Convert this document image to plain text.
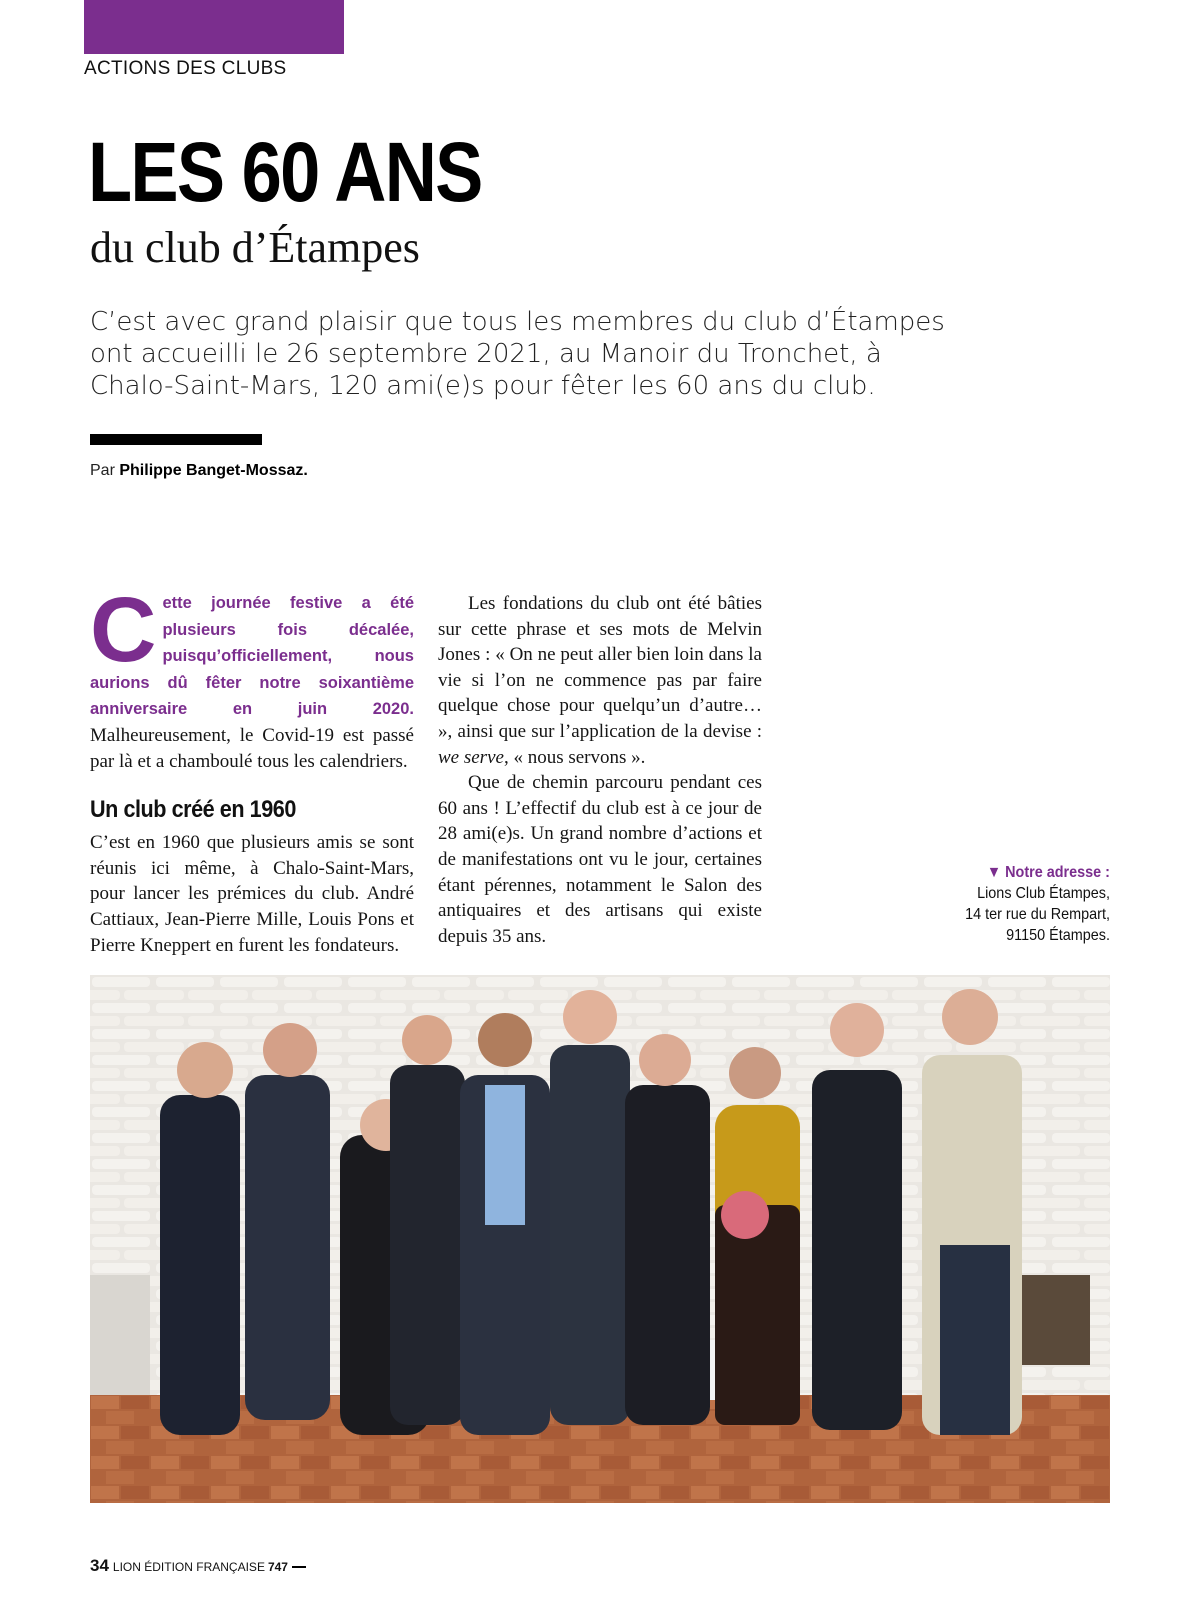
ACTIONS DES CLUBS
LES 60 ANS
du club d’Étampes
C’est avec grand plaisir que tous les membres du club d’Étampes ont accueilli le 26 septembre 2021, au Manoir du Tronchet, à Chalo-Saint-Mars, 120 ami(e)s pour fêter les 60 ans du club.
Par Philippe Banget-Mossaz.

Cette journée festive a été plusieurs fois décalée, puisqu’officiellement, nous aurions dû fêter notre soixantième anniversaire en juin 2020. Malheureusement, le Covid-19 est passé par là et a chamboulé tous les calendriers.

Un club créé en 1960

C’est en 1960 que plusieurs amis se sont réunis ici même, à Chalo-Saint-Mars, pour lancer les prémices du club. André Cattiaux, Jean-Pierre Mille, Louis Pons et Pierre Kneppert en furent les fondateurs.

Les fondations du club ont été bâties sur cette phrase et ses mots de Melvin Jones : « On ne peut aller bien loin dans la vie si l’on ne commence pas par faire quelque chose pour quelqu’un d’autre… », ainsi que sur l’application de la devise : we serve, « nous servons ».

Que de chemin parcouru pendant ces 60 ans ! L’effectif du club est à ce jour de 28 ami(e)s. Un grand nombre d’actions et de manifestations ont vu le jour, certaines étant pérennes, notamment le Salon des antiquaires et des artisans qui existe depuis 35 ans.

▼ Notre adresse :
Lions Club Étampes,
14 ter rue du Rempart,
91150 Étampes.
34 LION ÉDITION FRANÇAISE 747
